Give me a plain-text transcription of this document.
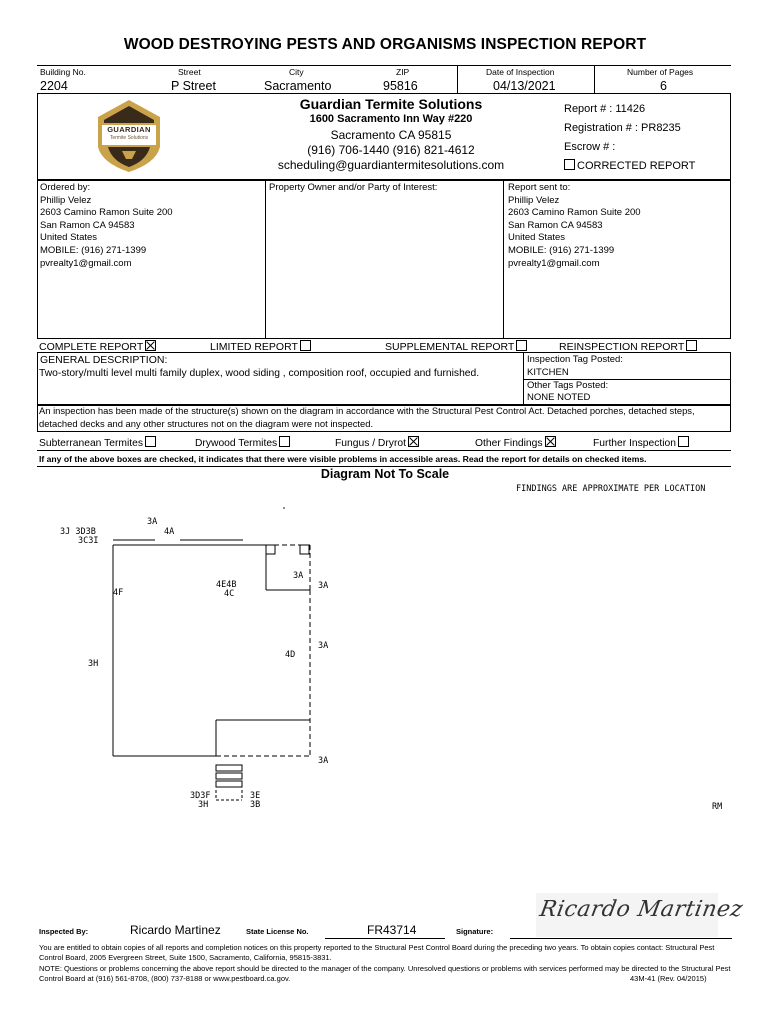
WOOD DESTROYING PESTS AND ORGANISMS INSPECTION REPORT
Building No.
2204
Street
P Street
City
Sacramento
ZIP
95816
Date of Inspection
04/13/2021
Number of Pages
6
GUARDIAN
Termite Solutions
Guardian Termite Solutions
1600 Sacramento Inn Way #220
Sacramento CA 95815
(916) 706-1440 (916) 821-4612
scheduling@guardiantermitesolutions.com
Report # : 11426
Registration # : PR8235
Escrow # :
CORRECTED REPORT
Ordered by:
Phillip Velez
2603 Camino Ramon Suite 200
San Ramon CA 94583
United States
MOBILE: (916) 271-1399
pvrealty1@gmail.com
Property Owner and/or Party of Interest:	Report sent to:
Phillip Velez
2603 Camino Ramon Suite 200
San Ramon CA 94583
United States
MOBILE: (916) 271-1399
pvrealty1@gmail.com
COMPLETE REPORT	LIMITED REPORT	SUPPLEMENTAL REPORT	REINSPECTION REPORT
GENERAL DESCRIPTION:
Two-story/multi level multi family duplex, wood siding , composition roof, occupied and furnished.
Inspection Tag Posted:
KITCHEN
Other Tags Posted:
NONE NOTED
An inspection has been made of the structure(s) shown on the diagram in accordance with the Structural Pest Control Act. Detached porches, detached steps, detached decks and any other structures not on the diagram were not inspected.
Subterranean Termites	Drywood Termites	Fungus / Dryrot	Other Findings	Further Inspection
If any of the above boxes are checked, it indicates that there were visible problems in accessible areas. Read the report for details on checked items.
Diagram Not To Scale
FINDINGS ARE APPROXIMATE PER LOCATION
3A
3J 3D3B
3C3I
4A
4F
4E4B
4C
3A
3A
3A
4D
3H
3A
3D3F
3H
3E
3B	RM
Inspected By:	Ricardo Martinez	State License No.	FR43714	Signature:
Ricardo Martinez
You are entitled to obtain copies of all reports and completion notices on this property reported to the Structural Pest Control Board during the preceding two years. To obtain copies contact: Structural Pest Control Board, 2005 Evergreen Street, Suite 1500, Sacramento, California, 95815-3831.
NOTE: Questions or problems concerning the above report should be directed to the manager of the company. Unresolved questions or problems with services performed may be directed to the Structural Pest Control Board at (916) 561-8708, (800) 737-8188 or www.pestboard.ca.gov.	43M-41 (Rev. 04/2015)
